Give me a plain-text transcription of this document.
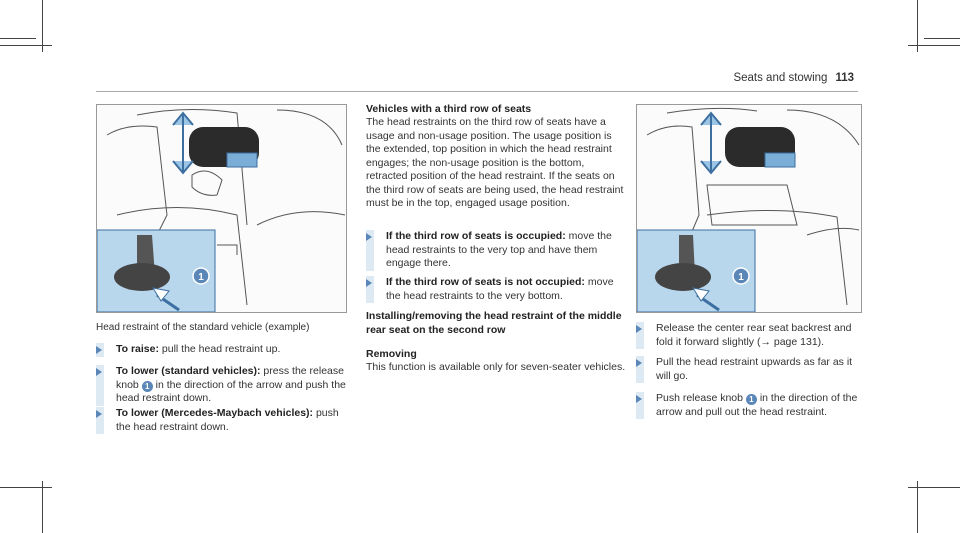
Seats and stowing 113
1
Head restraint of the standard vehicle (example)
To raise: pull the head restraint up.
To lower (standard vehicles): press the release knob 1 in the direction of the arrow and push the head restraint down.
To lower (Mercedes-Maybach vehicles): push the head restraint down.
Vehicles with a third row of seats
The head restraints on the third row of seats have a usage and non-usage position. The usage position is the extended, top position in which the head restraint engages; the non-usage position is the bottom, retracted position of the head restraint. If the seats on the third row of seats are being used, the head restraint must be in the top, engaged usage position.
If the third row of seats is occupied: move the head restraints to the very top and have them engage there.
If the third row of seats is not occupied: move the head restraints to the very bottom.
Installing/removing the head restraint of the middle rear seat on the second row
Removing
This function is available only for seven-seater vehicles.
1
Release the center rear seat backrest and fold it forward slightly (→ page 131).
Pull the head restraint upwards as far as it will go.
Push release knob 1 in the direction of the arrow and pull out the head restraint.
